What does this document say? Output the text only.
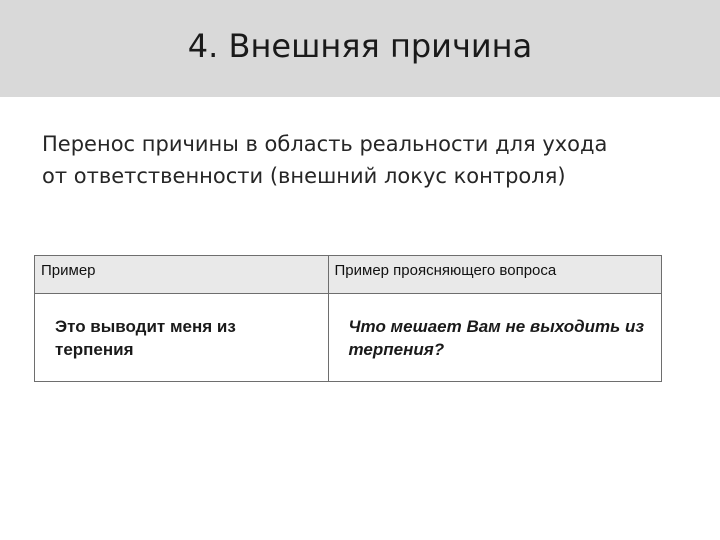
4. Внешняя причина
Перенос причины в область реальности для ухода
от ответственности (внешний локус контроля)
Пример	Пример проясняющего вопроса

Это выводит меня из терпения	Что мешает Вам не выходить из терпения?
